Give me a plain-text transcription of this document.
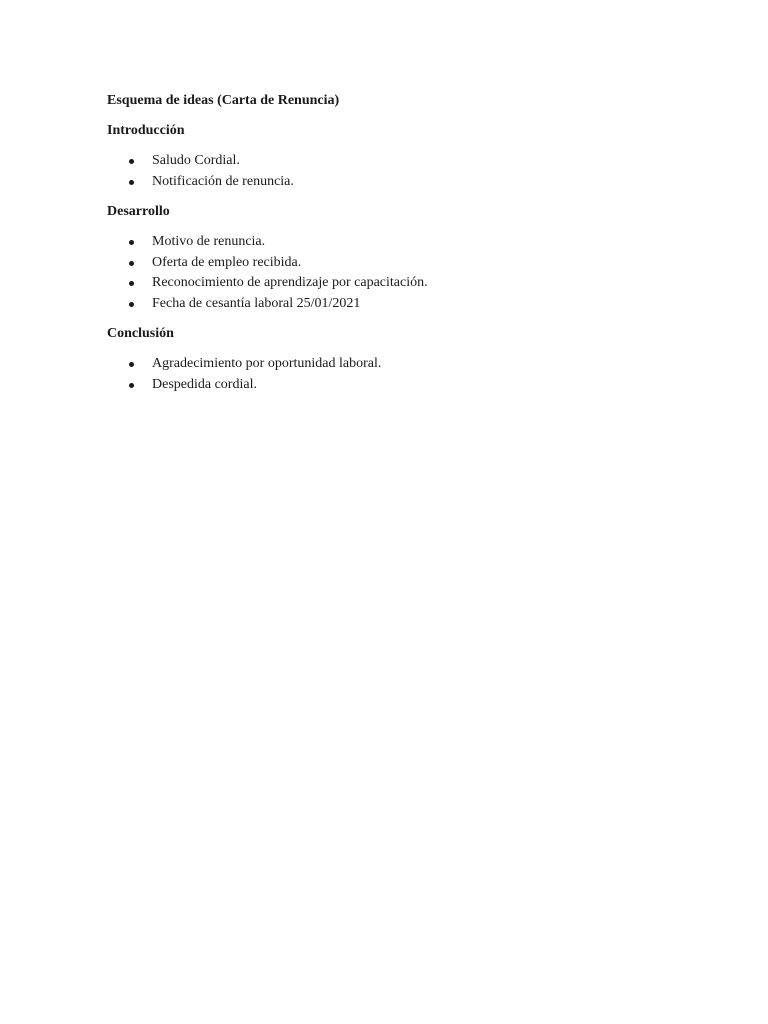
Esquema de ideas (Carta de Renuncia)

Introducción

Saludo Cordial.
Notificación de renuncia.

Desarrollo

Motivo de renuncia.
Oferta de empleo recibida.
Reconocimiento de aprendizaje por capacitación.
Fecha de cesantía laboral 25/01/2021

Conclusión

Agradecimiento por oportunidad laboral.
Despedida cordial.
